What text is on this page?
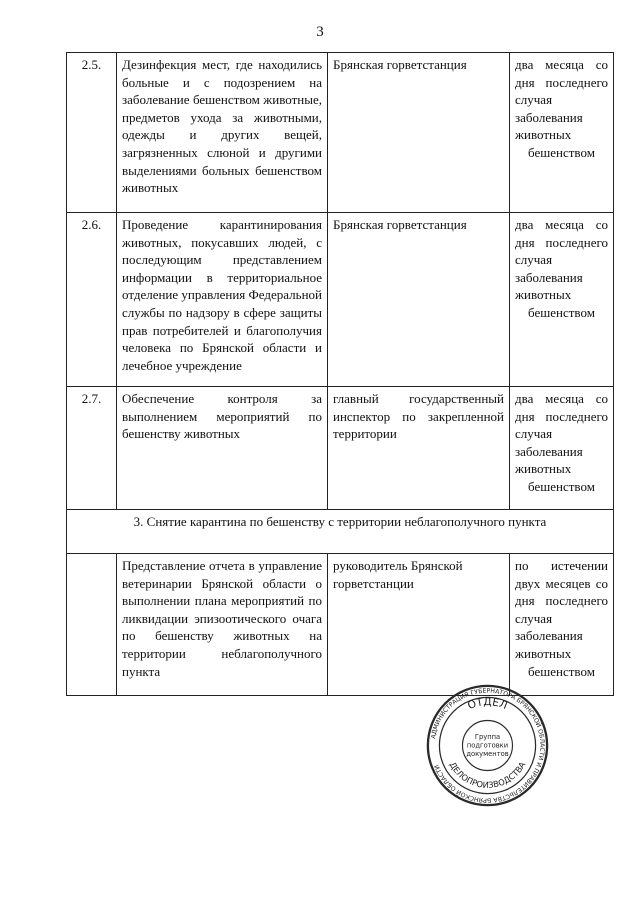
3
2.5.	Дезинфекция мест, где находились больные и с подозрением на заболевание бешенством животные, предметов ухода за животными, одежды и других вещей, загрязненных слюной и другими выделениями больных бешенством животных	Брянская горветстанция	два месяца со дня последнего случая заболевания животных бешенством
2.6.	Проведение карантинирования животных, покусавших людей, с последующим представлением информации в территориальное отделение управления Федеральной службы по надзору в сфере защиты прав потребителей и благополучия человека по Брянской области и лечебное учреждение	Брянская горветстанция	два месяца со дня последнего случая заболевания животных бешенством
2.7.	Обеспечение контроля за выполнением мероприятий по бешенству животных	главный государственный инспектор по закрепленной территории	два месяца со дня последнего случая заболевания животных бешенством
3. Снятие карантина по бешенству с территории неблагополучного пункта			
	Представление отчета в управление ветеринарии Брянской области о выполнении плана мероприятий по ликвидации эпизоотического очага по бешенству животных на территории неблагополучного пункта	руководитель Брянской горветстанции	по истечении двух месяцев со дня последнего случая заболевания животных бешенством
АДМИНИСТРАЦИЯ ГУБЕРНАТОРА БРЯНСКОЙ ОБЛАСТИ И ПРАВИТЕЛЬСТВА БРЯНСКОЙ ОБЛАСТИ
ОТДЕЛ
ДЕЛОПРОИЗВОДСТВА
Группа
подготовки
документов
